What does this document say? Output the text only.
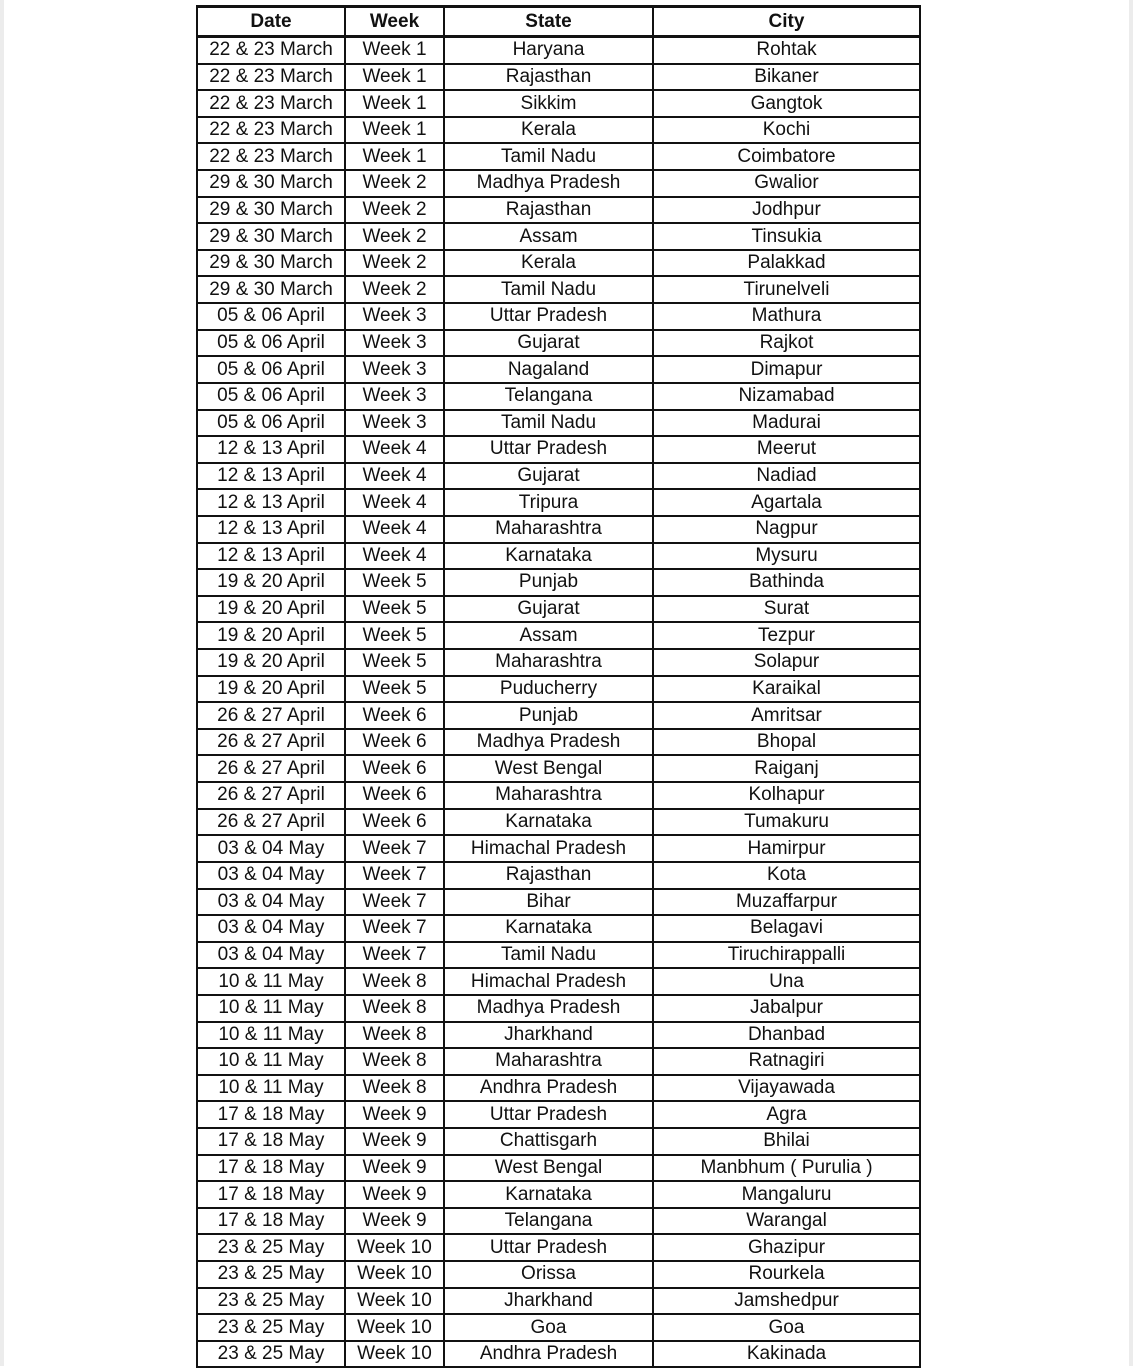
Date	Week	State	City
22 & 23 March	Week 1	Haryana	Rohtak
22 & 23 March	Week 1	Rajasthan	Bikaner
22 & 23 March	Week 1	Sikkim	Gangtok
22 & 23 March	Week 1	Kerala	Kochi
22 & 23 March	Week 1	Tamil Nadu	Coimbatore
29 & 30 March	Week 2	Madhya Pradesh	Gwalior
29 & 30 March	Week 2	Rajasthan	Jodhpur
29 & 30 March	Week 2	Assam	Tinsukia
29 & 30 March	Week 2	Kerala	Palakkad
29 & 30 March	Week 2	Tamil Nadu	Tirunelveli
05 & 06 April	Week 3	Uttar Pradesh	Mathura
05 & 06 April	Week 3	Gujarat	Rajkot
05 & 06 April	Week 3	Nagaland	Dimapur
05 & 06 April	Week 3	Telangana	Nizamabad
05 & 06 April	Week 3	Tamil Nadu	Madurai
12 & 13 April	Week 4	Uttar Pradesh	Meerut
12 & 13 April	Week 4	Gujarat	Nadiad
12 & 13 April	Week 4	Tripura	Agartala
12 & 13 April	Week 4	Maharashtra	Nagpur
12 & 13 April	Week 4	Karnataka	Mysuru
19 & 20 April	Week 5	Punjab	Bathinda
19 & 20 April	Week 5	Gujarat	Surat
19 & 20 April	Week 5	Assam	Tezpur
19 & 20 April	Week 5	Maharashtra	Solapur
19 & 20 April	Week 5	Puducherry	Karaikal
26 & 27 April	Week 6	Punjab	Amritsar
26 & 27 April	Week 6	Madhya Pradesh	Bhopal
26 & 27 April	Week 6	West Bengal	Raiganj
26 & 27 April	Week 6	Maharashtra	Kolhapur
26 & 27 April	Week 6	Karnataka	Tumakuru
03 & 04 May	Week 7	Himachal Pradesh	Hamirpur
03 & 04 May	Week 7	Rajasthan	Kota
03 & 04 May	Week 7	Bihar	Muzaffarpur
03 & 04 May	Week 7	Karnataka	Belagavi
03 & 04 May	Week 7	Tamil Nadu	Tiruchirappalli
10 & 11 May	Week 8	Himachal Pradesh	Una
10 & 11 May	Week 8	Madhya Pradesh	Jabalpur
10 & 11 May	Week 8	Jharkhand	Dhanbad
10 & 11 May	Week 8	Maharashtra	Ratnagiri
10 & 11 May	Week 8	Andhra Pradesh	Vijayawada
17 & 18 May	Week 9	Uttar Pradesh	Agra
17 & 18 May	Week 9	Chattisgarh	Bhilai
17 & 18 May	Week 9	West Bengal	Manbhum ( Purulia )
17 & 18 May	Week 9	Karnataka	Mangaluru
17 & 18 May	Week 9	Telangana	Warangal
23 & 25 May	Week 10	Uttar Pradesh	Ghazipur
23 & 25 May	Week 10	Orissa	Rourkela
23 & 25 May	Week 10	Jharkhand	Jamshedpur
23 & 25 May	Week 10	Goa	Goa
23 & 25 May	Week 10	Andhra Pradesh	Kakinada
